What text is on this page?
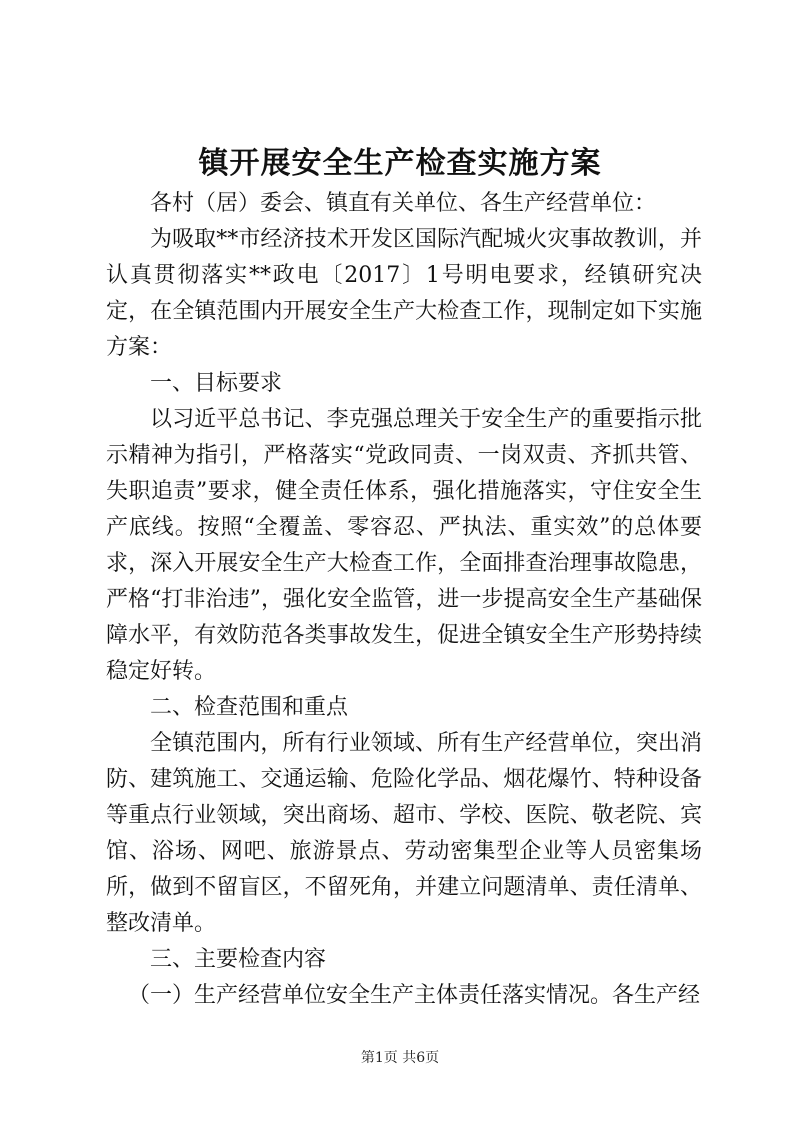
镇开展安全生产检查实施方案

各村（居）委会、镇直有关单位、各生产经营单位：

为吸取**市经济技术开发区国际汽配城火灾事故教训，并认真贯彻落实**政电〔2017〕1号明电要求，经镇研究决定，在全镇范围内开展安全生产大检查工作，现制定如下实施方案：

一、目标要求

以习近平总书记、李克强总理关于安全生产的重要指示批示精神为指引，严格落实“党政同责、一岗双责、齐抓共管、失职追责”要求，健全责任体系，强化措施落实，守住安全生产底线。按照“全覆盖、零容忍、严执法、重实效”的总体要求，深入开展安全生产大检查工作，全面排查治理事故隐患，严格“打非治违”，强化安全监管，进一步提高安全生产基础保障水平，有效防范各类事故发生，促进全镇安全生产形势持续稳定好转。

二、检查范围和重点

全镇范围内，所有行业领域、所有生产经营单位，突出消防、建筑施工、交通运输、危险化学品、烟花爆竹、特种设备等重点行业领域，突出商场、超市、学校、医院、敬老院、宾馆、浴场、网吧、旅游景点、劳动密集型企业等人员密集场所，做到不留盲区，不留死角，并建立问题清单、责任清单、整改清单。

三、主要检查内容

（一）生产经营单位安全生产主体责任落实情况。各生产经

第1页 共6页
